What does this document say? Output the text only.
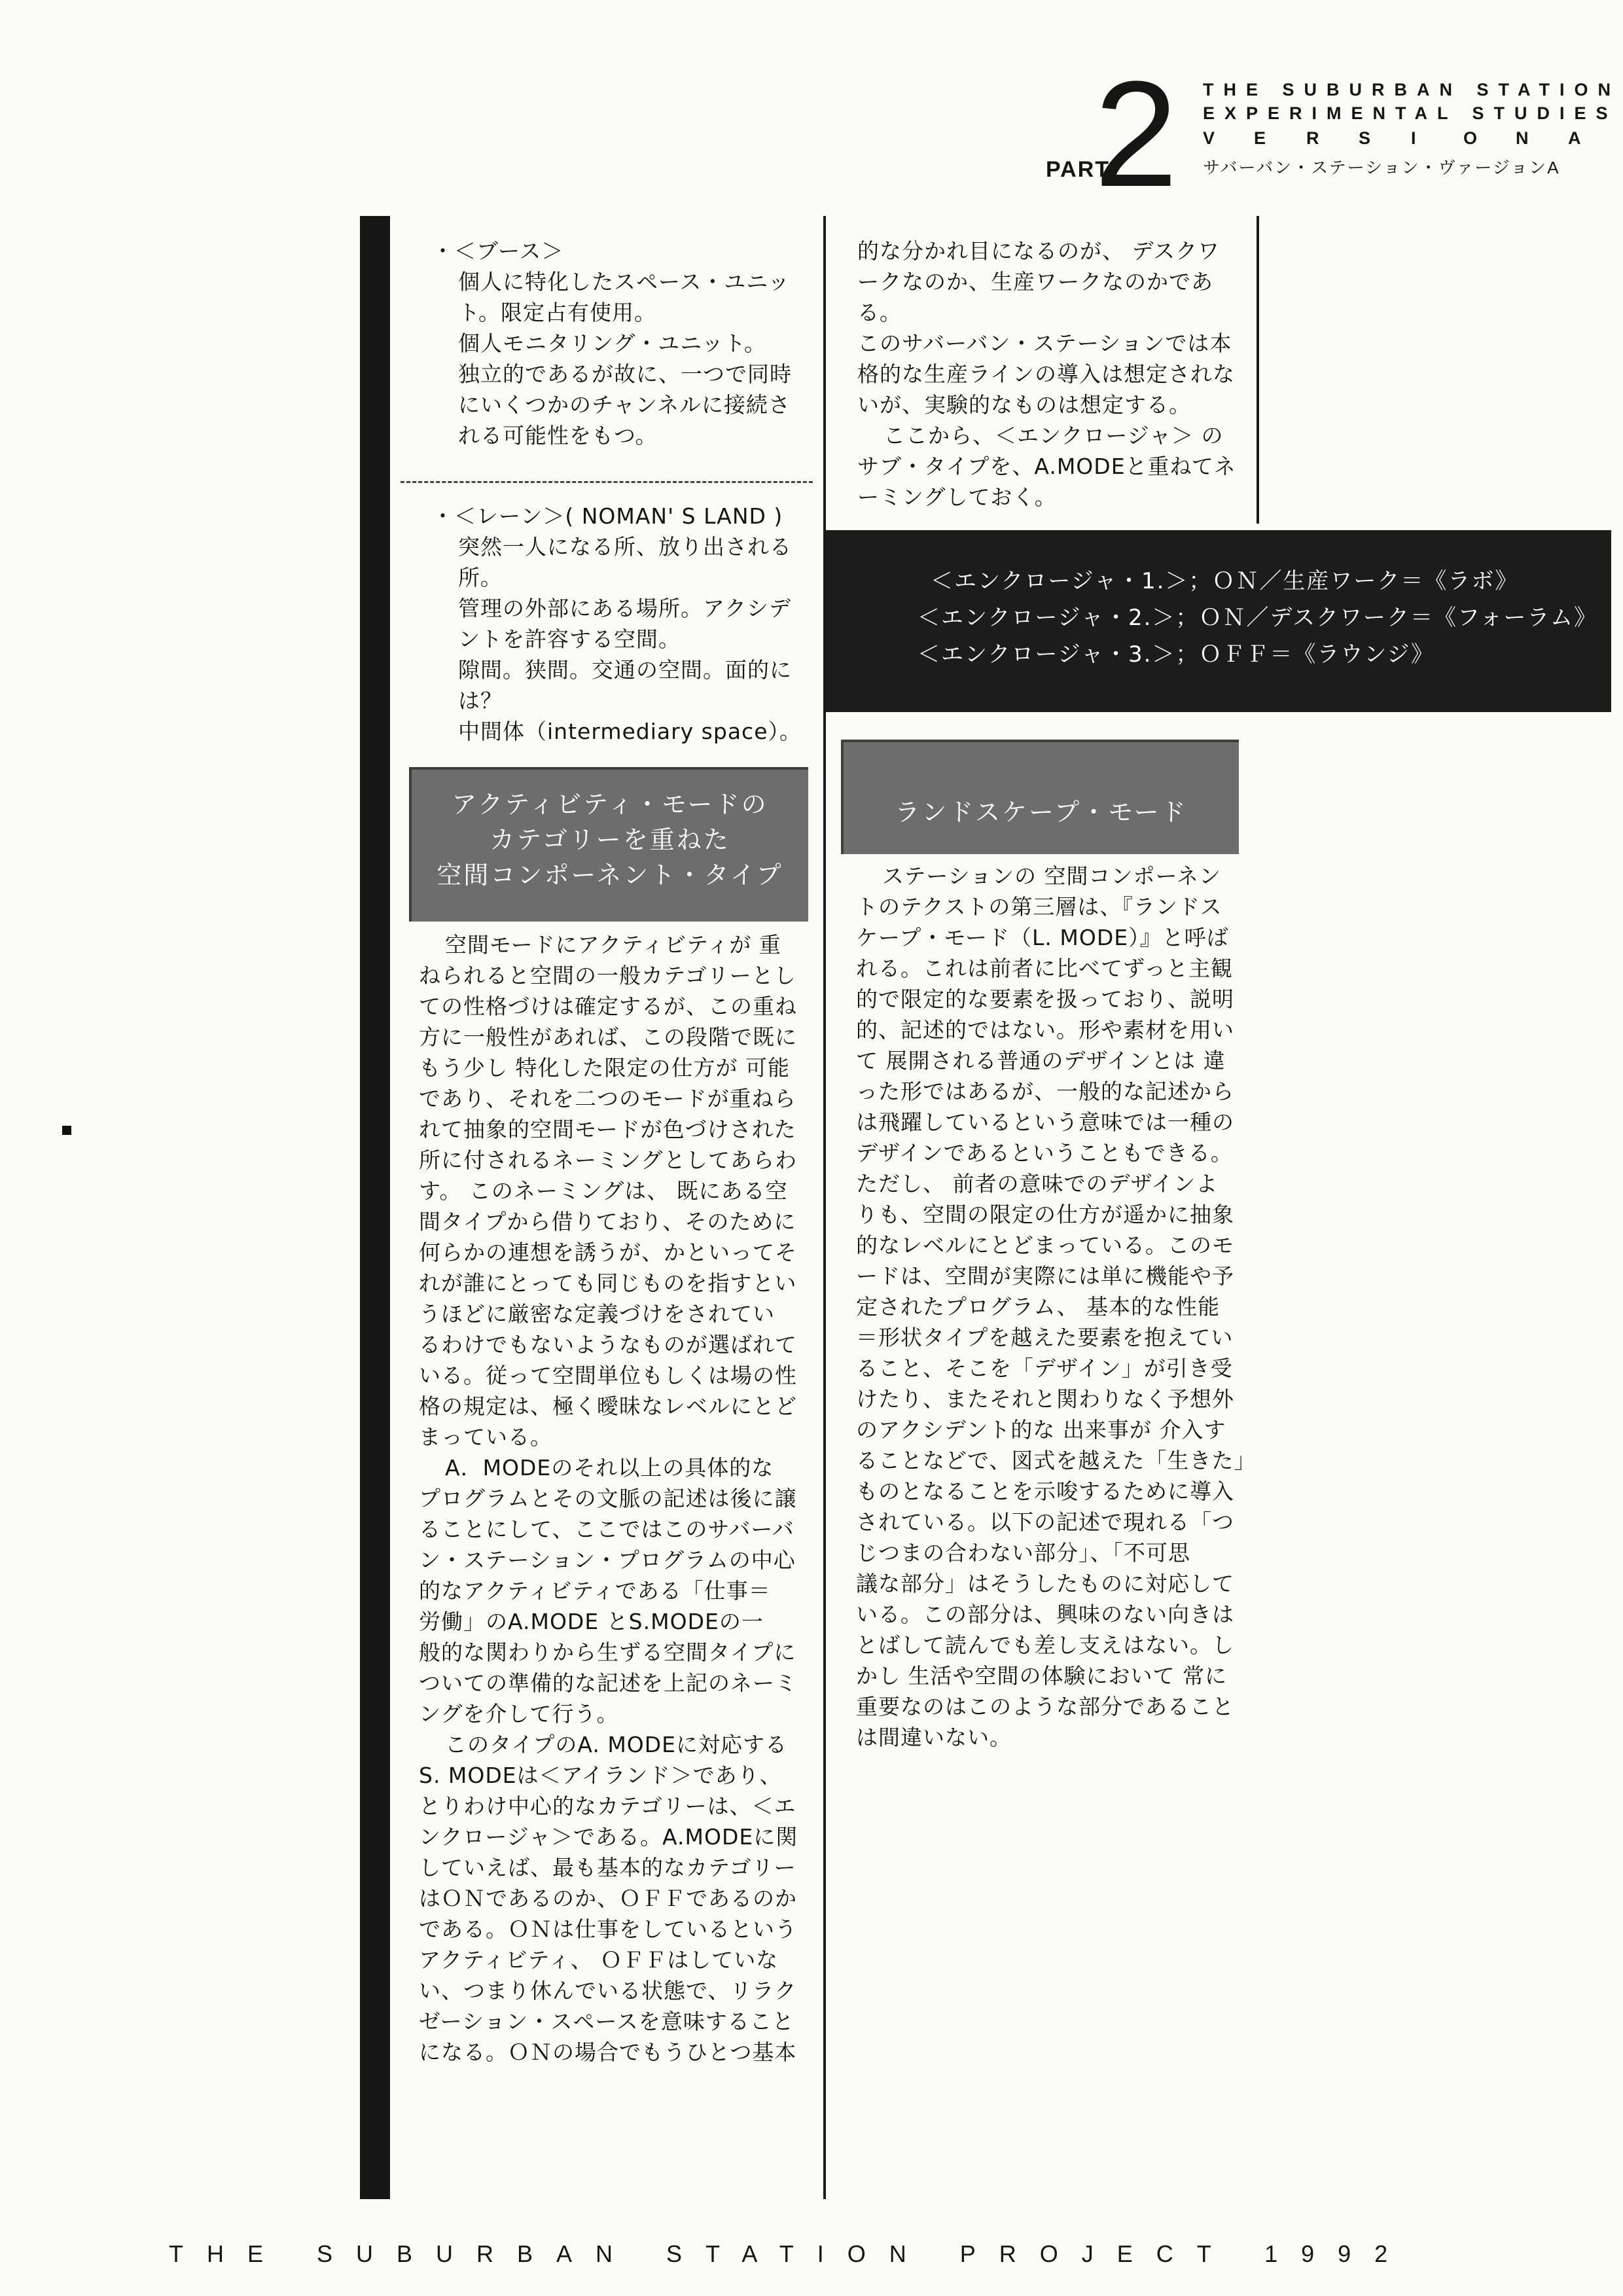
2
PART
THE SUBURBAN STATION
EXPERIMENTAL STUDIES
V E R S I O N A
サバーバン・ステーション・ヴァージョンA

・＜ブース＞

個人に特化したスペース・ユニッ

ト。限定占有使用。

個人モニタリング・ユニット。

独立的であるが故に、一つで同時

にいくつかのチャンネルに接続さ

れる可能性をもつ。

・＜レーン＞( NOMAN' S LAND )

突然一人になる所、放り出される

所。

管理の外部にある場所。アクシデ

ントを許容する空間。

隙間。狭間。交通の空間。面的に

は？

中間体（intermediary space）。

アクティビティ・モードの
カテゴリーを重ねた
空間コンポーネント・タイプ

空間モードにアクティビティが 重

ねられると空間の一般カテゴリーとし

ての性格づけは確定するが、この重ね

方に一般性があれば、この段階で既に

もう少し 特化した限定の仕方が 可能

であり、それを二つのモードが重ねら

れて抽象的空間モードが色づけされた

所に付されるネーミングとしてあらわ

す。 このネーミングは、 既にある空

間タイプから借りており、そのために

何らかの連想を誘うが、かといってそ

れが誰にとっても同じものを指すとい

うほどに厳密な定義づけをされてい

るわけでもないようなものが選ばれて

いる。従って空間単位もしくは場の性

格の規定は、極く曖昧なレベルにとど

まっている。

A．MODEのそれ以上の具体的な

プログラムとその文脈の記述は後に譲

ることにして、ここではこのサバーバ

ン・ステーション・プログラムの中心

的なアクティビティである「仕事＝

労働」のA.MODE とS.MODEの一

般的な関わりから生ずる空間タイプに

ついての準備的な記述を上記のネーミ

ングを介して行う。

このタイプのA. MODEに対応する

S. MODEは＜アイランド＞であり、

とりわけ中心的なカテゴリーは、＜エ

ンクロージャ＞である。A.MODEに関

していえば、最も基本的なカテゴリー

はＯＮであるのか、ＯＦＦであるのか

である。ＯＮは仕事をしているという

アクティビティ、 ＯＦＦはしていな

い、つまり休んでいる状態で、リラク

ゼーション・スペースを意味すること

になる。ＯＮの場合でもうひとつ基本

的な分かれ目になるのが、 デスクワ

ークなのか、生産ワークなのかである。

このサバーバン・ステーションでは本

格的な生産ラインの導入は想定されな

いが、実験的なものは想定する。

ここから、＜エンクロージャ＞ の

サブ・タイプを、A.MODEと重ねてネ

ーミングしておく。

＜エンクロージャ・1.＞；ＯＮ／生産ワーク＝《ラボ》
＜エンクロージャ・2.＞；ＯＮ／デスクワーク＝《フォーラム》
＜エンクロージャ・3.＞；ＯＦＦ＝《ラウンジ》
ランドスケープ・モード

ステーションの 空間コンポーネン

トのテクストの第三層は、『ランドス

ケープ・モード（L. MODE）』と呼ば

れる。これは前者に比べてずっと主観

的で限定的な要素を扱っており、説明

的、記述的ではない。形や素材を用い

て 展開される普通のデザインとは 違

った形ではあるが、一般的な記述から

は飛躍しているという意味では一種の

デザインであるということもできる。

ただし、 前者の意味でのデザインよ

りも、空間の限定の仕方が遥かに抽象

的なレベルにとどまっている。このモ

ードは、空間が実際には単に機能や予

定されたプログラム、 基本的な性能

＝形状タイプを越えた要素を抱えてい

ること、そこを「デザイン」が引き受

けたり、またそれと関わりなく予想外

のアクシデント的な 出来事が 介入す

ることなどで、図式を越えた「生きた」

ものとなることを示唆するために導入

されている。以下の記述で現れる「つ

じつまの合わない部分」、「不可思

議な部分」はそうしたものに対応して

いる。この部分は、興味のない向きは

とばして読んでも差し支えはない。し

かし 生活や空間の体験において 常に

重要なのはこのような部分であること

は間違いない。

THE SUBURBAN STATION PROJECT 1992
